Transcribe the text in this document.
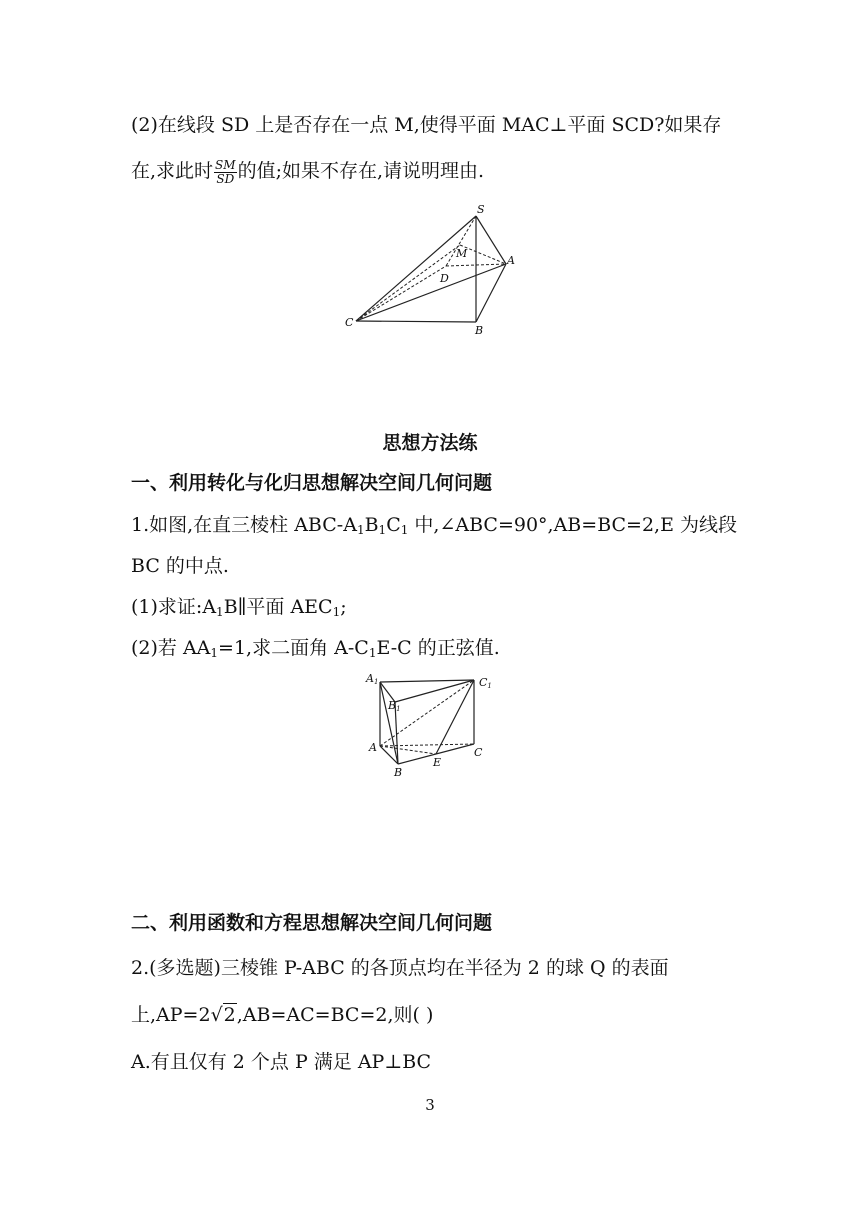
(2)在线段 SD 上是否存在一点 M,使得平面 MAC⊥平面 SCD?如果存
在,求此时 $\frac{SM}{SD}$ 的值;如果不存在,请说明理由.
S
M
D
A
C
B
思想方法练
一、利用转化与化归思想解决空间几何问题
1.如图,在直三棱柱 ABC-$A_1B_1C_1$ 中,∠ABC=90°,AB=BC=2,E 为线段
BC 的中点.
(1)求证$:A_1B\parallel$平面 $AEC_1$;
(2)若 $AA_1=1$,求二面角 $A-C_1E-C$ 的正弦值.
A1
B1
C1
A
B
E
C
二、利用函数和方程思想解决空间几何问题
2.(多选题)三棱锥 P-ABC 的各顶点均在半径为 2 的球 Q 的表面
上,AP=2√2,AB=AC=BC=2,则( )
A.有且仅有 2 个点 P 满足 AP⊥BC
3
